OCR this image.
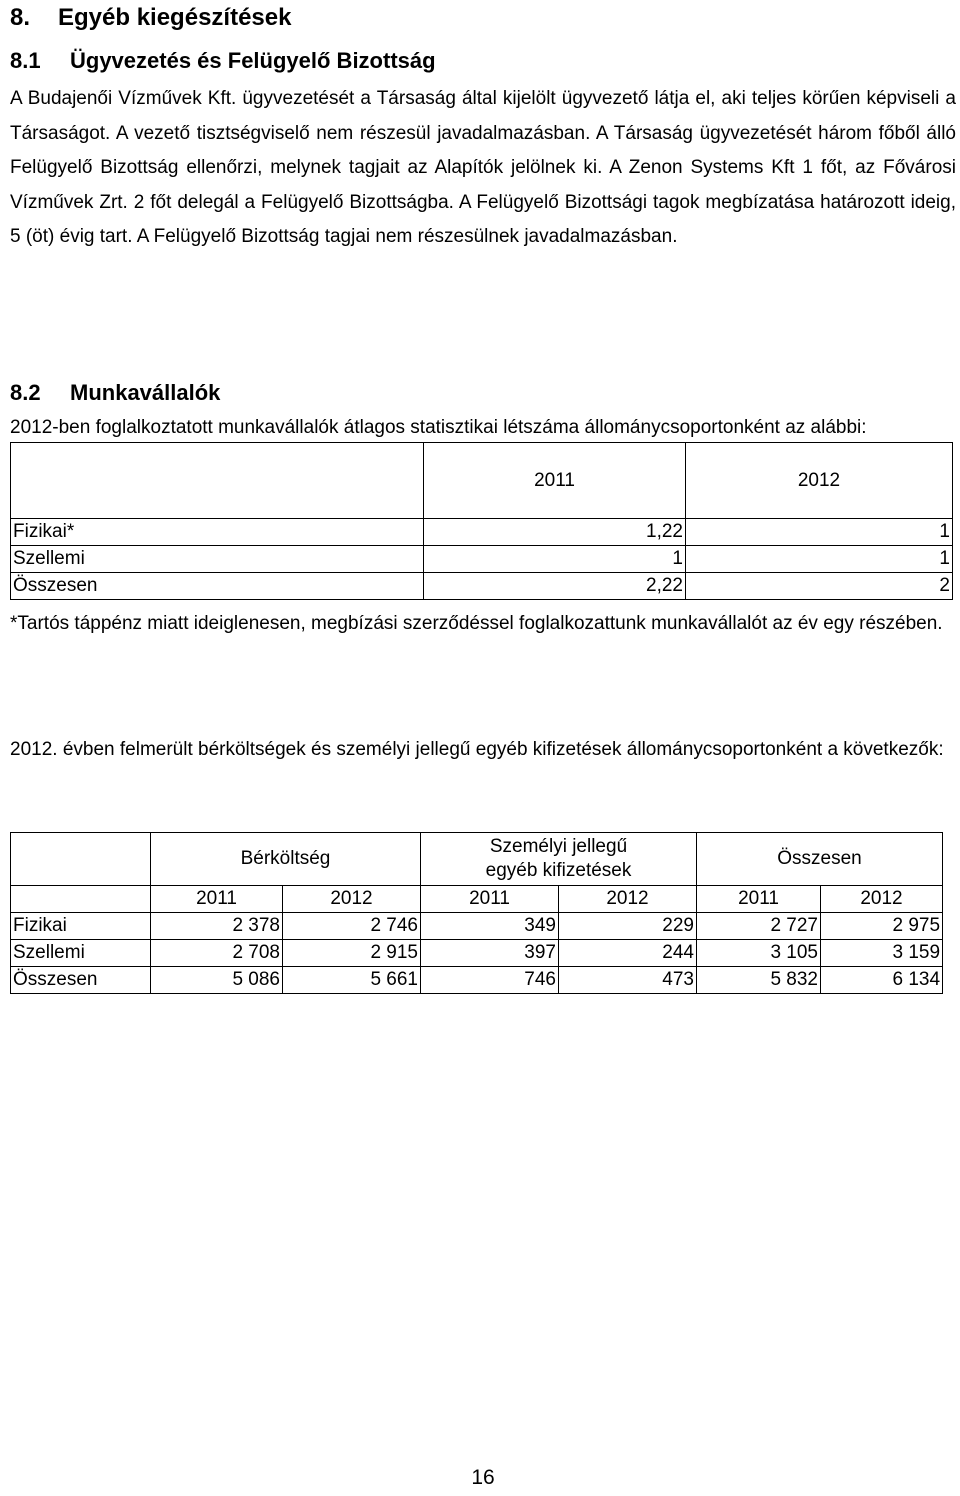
8. Egyéb kiegészítések
8.1 Ügyvezetés és Felügyelő Bizottság
A Budajenői Vízművek Kft. ügyvezetését a Társaság által kijelölt ügyvezető látja el, aki teljes körűen képviseli a Társaságot. A vezető tisztségviselő nem részesül javadalmazásban. A Társaság ügyvezetését három főből álló Felügyelő Bizottság ellenőrzi, melynek tagjait az Alapítók jelölnek ki. A Zenon Systems Kft 1 főt, az Fővárosi Vízművek Zrt. 2 főt delegál a Felügyelő Bizottságba. A Felügyelő Bizottsági tagok megbízatása határozott ideig, 5 (öt) évig tart. A Felügyelő Bizottság tagjai nem részesülnek javadalmazásban.
8.2 Munkavállalók
2012-ben foglalkoztatott munkavállalók átlagos statisztikai létszáma állománycsoportonként az alábbi:
	2011	2012
Fizikai*	1,22	1
Szellemi	1	1
Összesen	2,22	2
*Tartós táppénz miatt ideiglenesen, megbízási szerződéssel foglalkozattunk munkavállalót az év egy részében.
2012. évben felmerült bérköltségek és személyi jellegű egyéb kifizetések állománycsoportonként a következők:
	Bérköltség		Személyi jellegű egyéb kifizetések		Összesen	
	2011	2012	2011	2012	2011	2012
Fizikai	2 378	2 746	349	229	2 727	2 975
Szellemi	2 708	2 915	397	244	3 105	3 159
Összesen	5 086	5 661	746	473	5 832	6 134
16
